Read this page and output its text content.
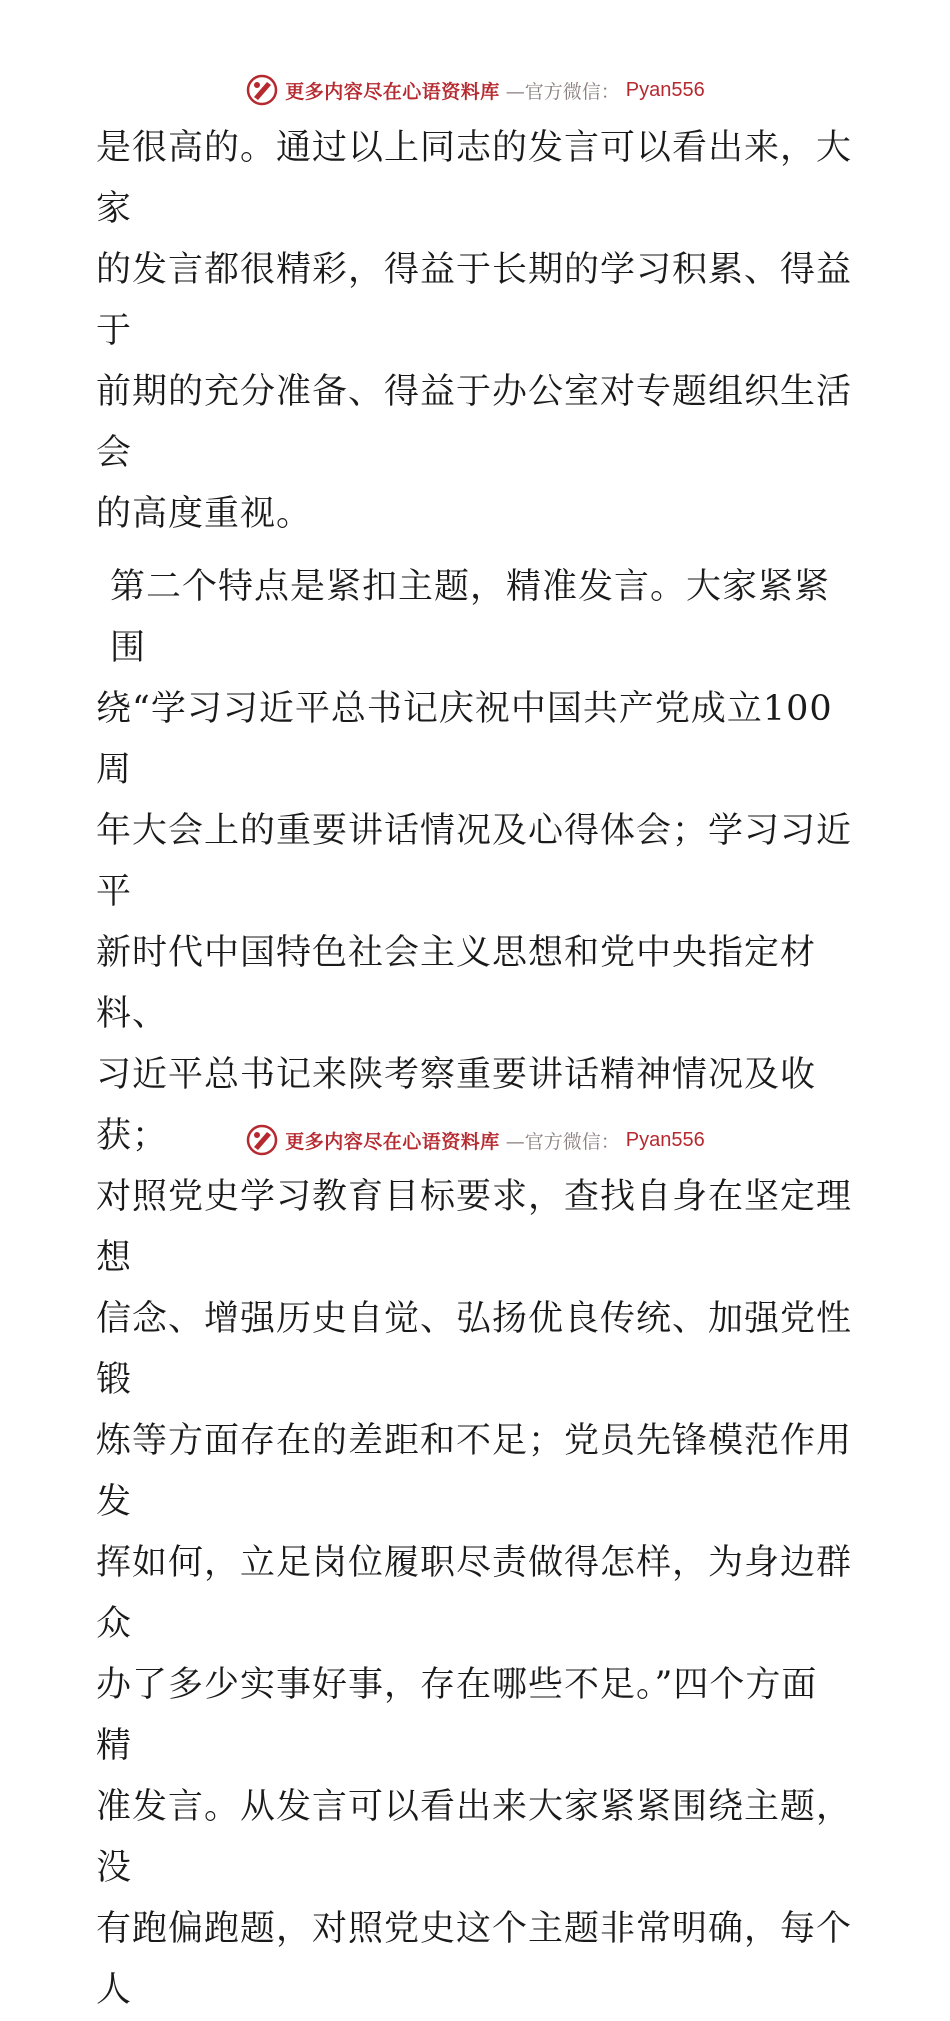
更多内容尽在心语资料库 —官方微信： Pyan556
是很高的。通过以上同志的发言可以看出来，大家
的发言都很精彩，得益于长期的学习积累、得益于
前期的充分准备、得益于办公室对专题组织生活会
的高度重视。
第二个特点是紧扣主题，精准发言。大家紧紧围
绕“学习习近平总书记庆祝中国共产党成立100周
年大会上的重要讲话情况及心得体会；学习习近平
新时代中国特色社会主义思想和党中央指定材料、
习近平总书记来陕考察重要讲话精神情况及收获；
对照党史学习教育目标要求，查找自身在坚定理想
信念、增强历史自觉、弘扬优良传统、加强党性锻
炼等方面存在的差距和不足；党员先锋模范作用发
挥如何，立足岗位履职尽责做得怎样，为身边群众
办了多少实事好事，存在哪些不足。”四个方面精
准发言。从发言可以看出来大家紧紧围绕主题，没
有跑偏跑题，对照党史这个主题非常明确，每个人
更多内容尽在心语资料库 —官方微信： Pyan556
